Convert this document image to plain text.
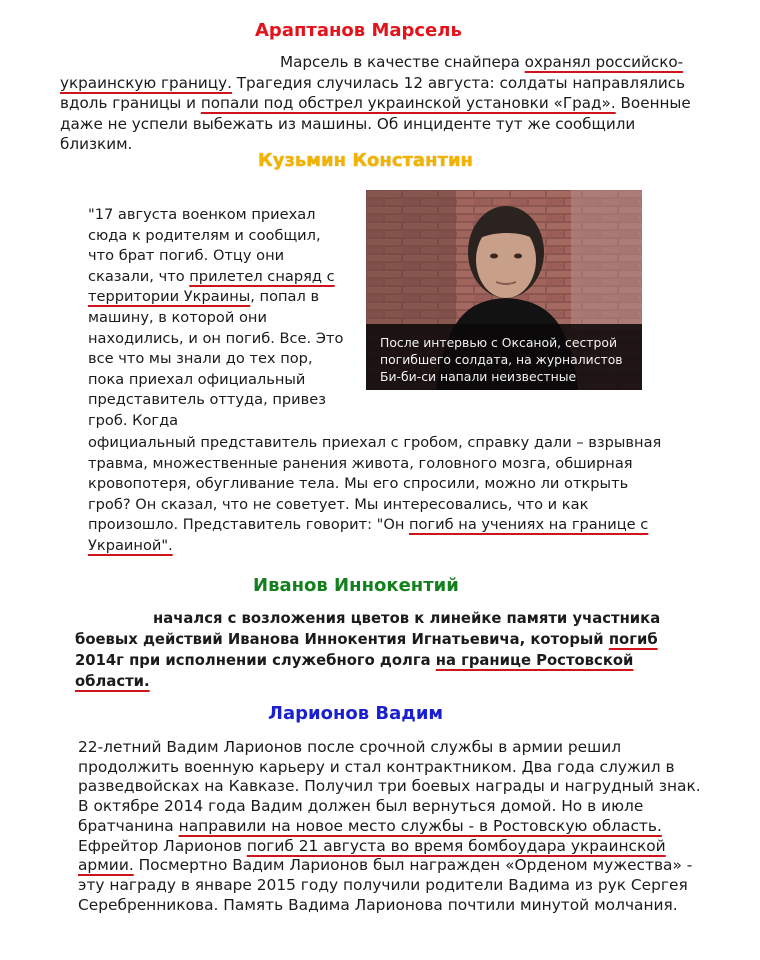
Араптанов Марсель
Марсель в качестве снайпера охранял российско-украинскую границу. Трагедия случилась 12 августа: солдаты направлялись вдоль границы и попали под обстрел украинской установки «Град». Военные даже не успели выбежать из машины. Об инциденте тут же сообщили близким.
Кузьмин Константин
После интервью с Оксаной, сестрой погибшего солдата, на журналистов Би-би-си напали неизвестные
"17 августа военком приехал сюда к родителям и сообщил, что брат погиб. Отцу они сказали, что прилетел снаряд с территории Украины, попал в машину, в которой они находились, и он погиб. Все. Это все что мы знали до тех пор, пока приехал официальный представитель оттуда, привез гроб. Когда
официальный представитель приехал с гробом, справку дали – взрывная травма, множественные ранения живота, головного мозга, обширная кровопотеря, обугливание тела. Мы его спросили, можно ли открыть гроб? Он сказал, что не советует. Мы интересовались, что и как произошло. Представитель говорит: "Он погиб на учениях на границе с Украиной".
Иванов Иннокентий
начался с возложения цветов к линейке памяти участника боевых действий Иванова Иннокентия Игнатьевича, который погиб 2014г при исполнении служебного долга на границе Ростовской области.
Ларионов Вадим
22-летний Вадим Ларионов после срочной службы в армии решил продолжить военную карьеру и стал контрактником. Два года служил в разведвойсках на Кавказе. Получил три боевых награды и нагрудный знак. В октябре 2014 года Вадим должен был вернуться домой. Но в июле братчанина направили на новое место службы - в Ростовскую область. Ефрейтор Ларионов погиб 21 августа во время бомбоудара украинской армии. Посмертно Вадим Ларионов был награжден «Орденом мужества» - эту награду в январе 2015 году получили родители Вадима из рук Сергея Серебренникова. Память Вадима Ларионова почтили минутой молчания.
